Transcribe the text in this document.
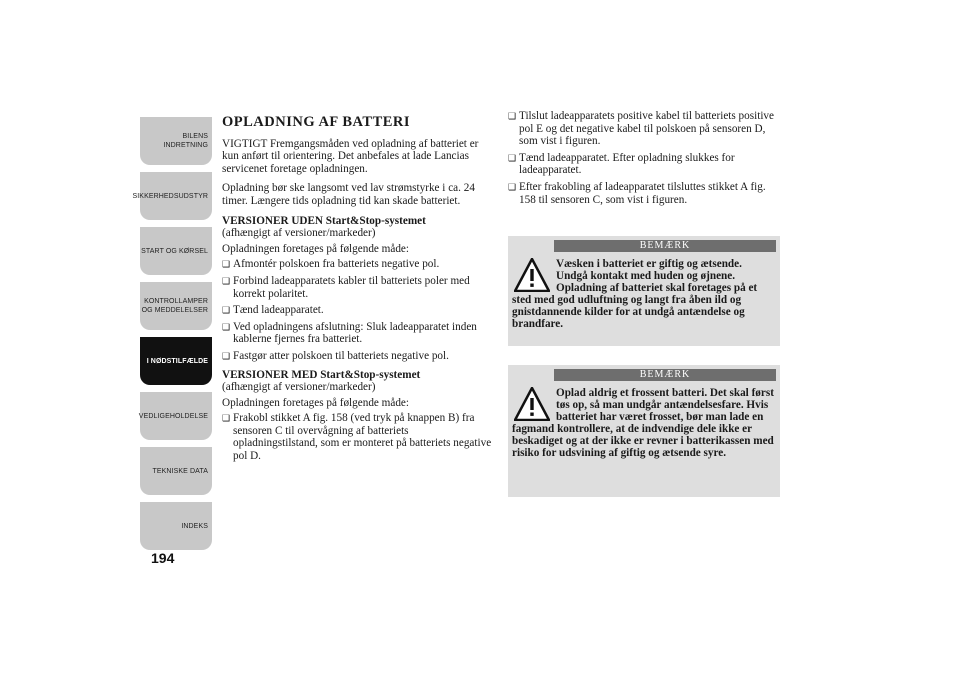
BILENS
INDRETNING
SIKKERHEDSUDSTYR
START OG KØRSEL
KONTROLLAMPER
OG MEDDELELSER
I NØDSTILFÆLDE
VEDLIGEHOLDELSE
TEKNISKE DATA
INDEKS
194
OPLADNING AF BATTERI

VIGTIGT Fremgangsmåden ved opladning af batteriet er kun anført til orientering. Det anbefales at lade Lancias servicenet foretage opladningen.

Opladning bør ske langsomt ved lav strømstyrke i ca. 24 timer. Længere tids opladning tid kan skade batteriet.

VERSIONER UDEN Start&Stop-systemet

(afhængigt af versioner/markeder)

Opladningen foretages på følgende måde:

❑ Afmontér polskoen fra batteriets negative pol.
❑ Forbind ladeapparatets kabler til batteriets poler med korrekt polaritet.
❑ Tænd ladeapparatet.
❑ Ved opladningens afslutning: Sluk ladeapparatet inden kablerne fjernes fra batteriet.
❑ Fastgør atter polskoen til batteriets negative pol.
VERSIONER MED Start&Stop-systemet

(afhængigt af versioner/markeder)

Opladningen foretages på følgende måde:

❑ Frakobl stikket A fig. 158 (ved tryk på knappen B) fra sensoren C til overvågning af batteriets opladningstilstand, som er monteret på batteriets negative pol D.
❑ Tilslut ladeapparatets positive kabel til batteriets positive pol E og det negative kabel til polskoen på sensoren D, som vist i figuren.
❑ Tænd ladeapparatet. Efter opladning slukkes for ladeapparatet.
❑ Efter frakobling af ladeapparatet tilsluttes stikket A fig. 158 til sensoren C, som vist i figuren.
BEMÆRK

Væsken i batteriet er giftig og ætsende. Undgå kontakt med huden og øjnene. Opladning af batteriet skal foretages på et sted med god udluftning og langt fra åben ild og gnistdannende kilder for at undgå antændelse og brandfare.

BEMÆRK

Oplad aldrig et frossent batteri. Det skal først tøs op, så man undgår antændelsesfare. Hvis batteriet har været frosset, bør man lade en fagmand kontrollere, at de indvendige dele ikke er beskadiget og at der ikke er revner i batterikassen med risiko for udsvining af giftig og ætsende syre.
